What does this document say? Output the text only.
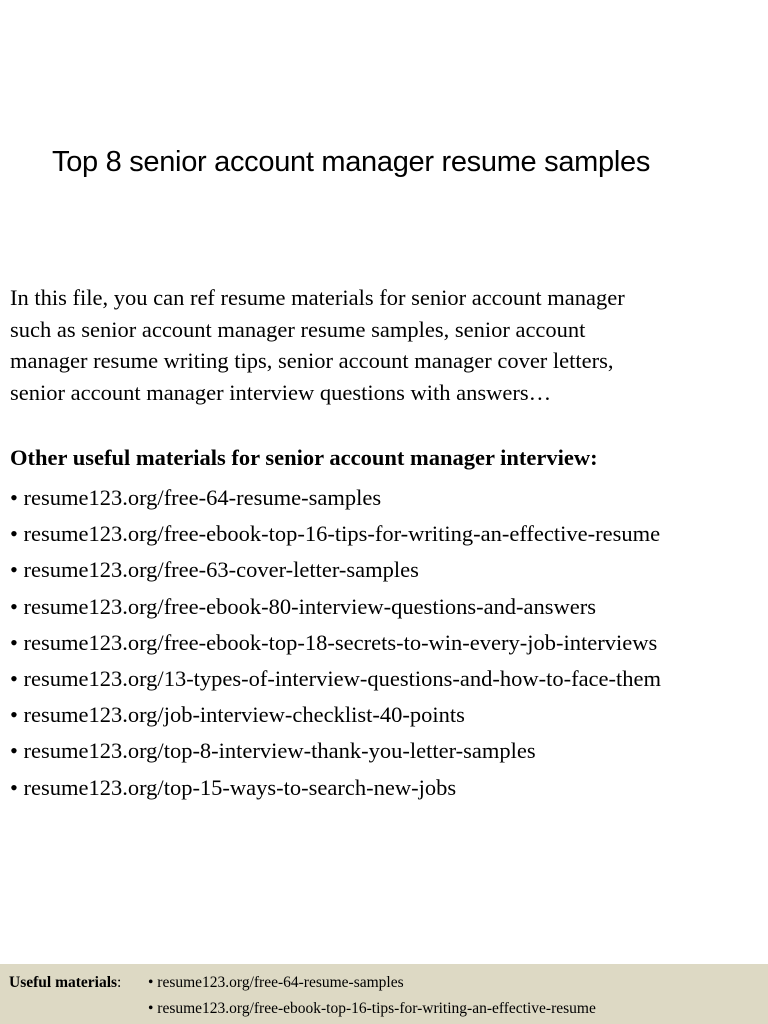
Top 8 senior account manager resume samples

In this file, you can ref resume materials for senior account manager

such as senior account manager resume samples, senior account

manager resume writing tips, senior account manager cover letters,

senior account manager interview questions with answers…

Other useful materials for senior account manager interview:
• resume123.org/free-64-resume-samples
• resume123.org/free-ebook-top-16-tips-for-writing-an-effective-resume
• resume123.org/free-63-cover-letter-samples
• resume123.org/free-ebook-80-interview-questions-and-answers
• resume123.org/free-ebook-top-18-secrets-to-win-every-job-interviews
• resume123.org/13-types-of-interview-questions-and-how-to-face-them
• resume123.org/job-interview-checklist-40-points
• resume123.org/top-8-interview-thank-you-letter-samples
• resume123.org/top-15-ways-to-search-new-jobs
Useful materials:	• resume123.org/free-64-resume-samples
• resume123.org/free-ebook-top-16-tips-for-writing-an-effective-resume
